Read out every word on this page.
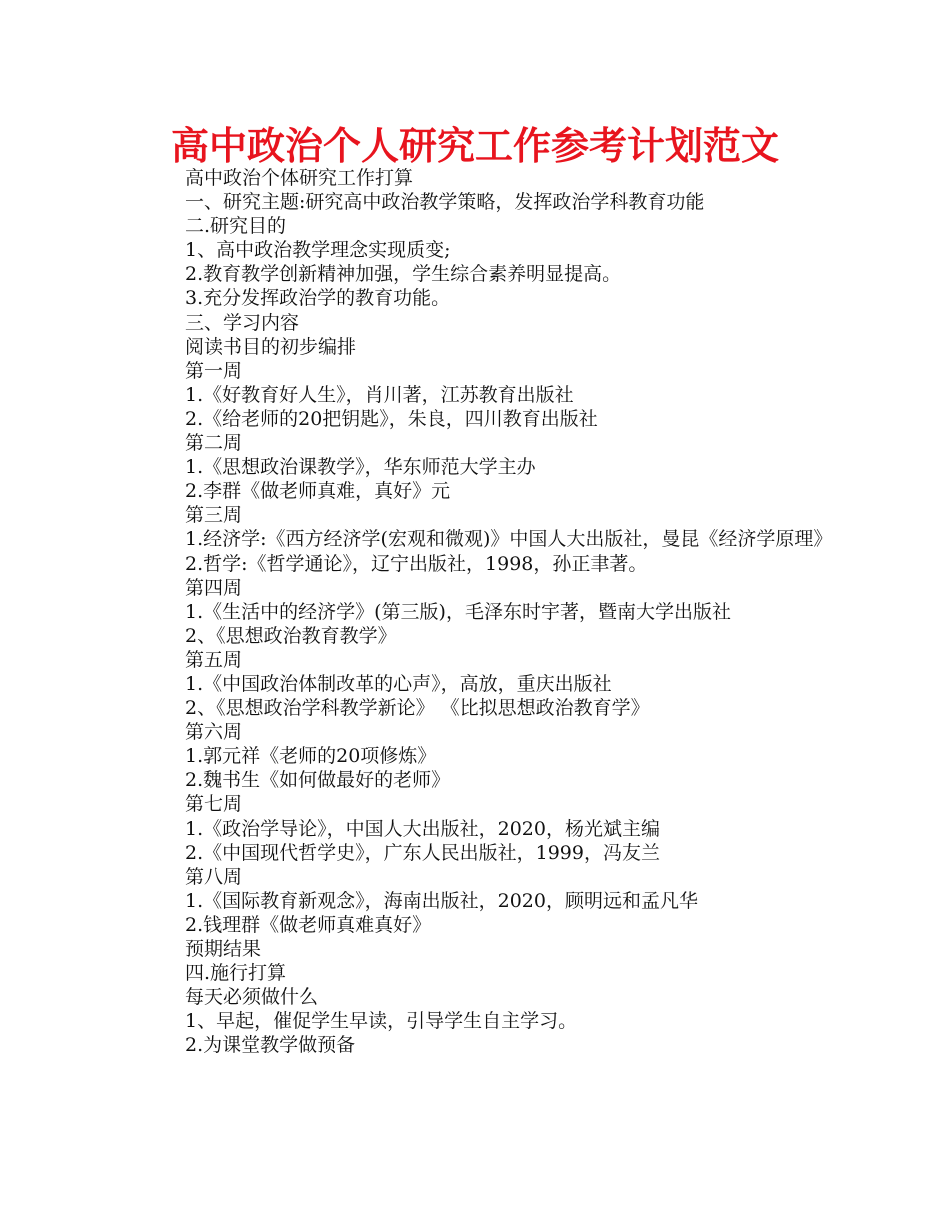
高中政治个人研究工作参考计划范文
高中政治个体研究工作打算
一、研究主题:研究高中政治教学策略，发挥政治学科教育功能
二.研究目的
1、高中政治教学理念实现质变;
2.教育教学创新精神加强，学生综合素养明显提高。
3.充分发挥政治学的教育功能。
三、学习内容
阅读书目的初步编排
第一周
1.《好教育好人生》，肖川著，江苏教育出版社
2.《给老师的20把钥匙》，朱良，四川教育出版社
第二周
1.《思想政治课教学》，华东师范大学主办
2.李群《做老师真难，真好》元
第三周
1.经济学:《西方经济学(宏观和微观)》中国人大出版社，曼昆《经济学原理》
2.哲学:《哲学通论》，辽宁出版社，1998，孙正聿著。
第四周
1.《生活中的经济学》(第三版)，毛泽东时宇著，暨南大学出版社
2、《思想政治教育教学》
第五周
1.《中国政治体制改革的心声》，高放，重庆出版社
2、《思想政治学科教学新论》 《比拟思想政治教育学》
第六周
1.郭元祥《老师的20项修炼》
2.魏书生《如何做最好的老师》
第七周
1.《政治学导论》，中国人大出版社，2020，杨光斌主编
2.《中国现代哲学史》，广东人民出版社，1999，冯友兰
第八周
1.《国际教育新观念》，海南出版社，2020，顾明远和孟凡华
2.钱理群《做老师真难真好》
预期结果
四.施行打算
每天必须做什么
1、早起，催促学生早读，引导学生自主学习。
2.为课堂教学做预备
